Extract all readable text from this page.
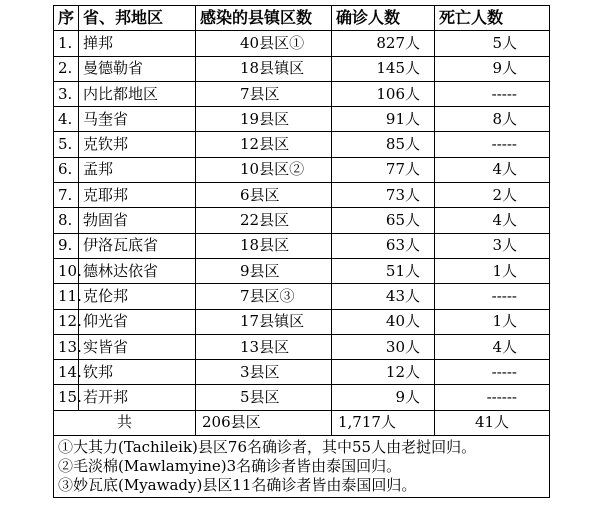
序	省、邦地区	感染的县镇区数	确诊人数	死亡人数
1.	掸邦	40县区①	827人	5人
2.	曼德勒省	18县镇区	145人	9人
3.	内比都地区	7县区	106人	-----
4.	马奎省	19县区	91人	8人
5.	克钦邦	12县区	85人	-----
6.	孟邦	10县区②	77人	4人
7.	克耶邦	6县区	73人	2人
8.	勃固省	22县区	65人	4人
9.	伊洛瓦底省	18县区	63人	3人
10.	德林达依省	9县区	51人	1人
11.	克伦邦	7县区③	43人	-----
12.	仰光省	17县镇区	40人	1人
13.	实皆省	13县区	30人	4人
14.	钦邦	3县区	12人	-----
15.	若开邦	5县区	9人	------
共		206县区	1,717人	41人

①大其力(Tachileik)县区76名确诊者，其中55人由老挝回归。
②毛淡棉(Mawlamyine)3名确诊者皆由泰国回归。
③妙瓦底(Myawady)县区11名确诊者皆由泰国回归。				
